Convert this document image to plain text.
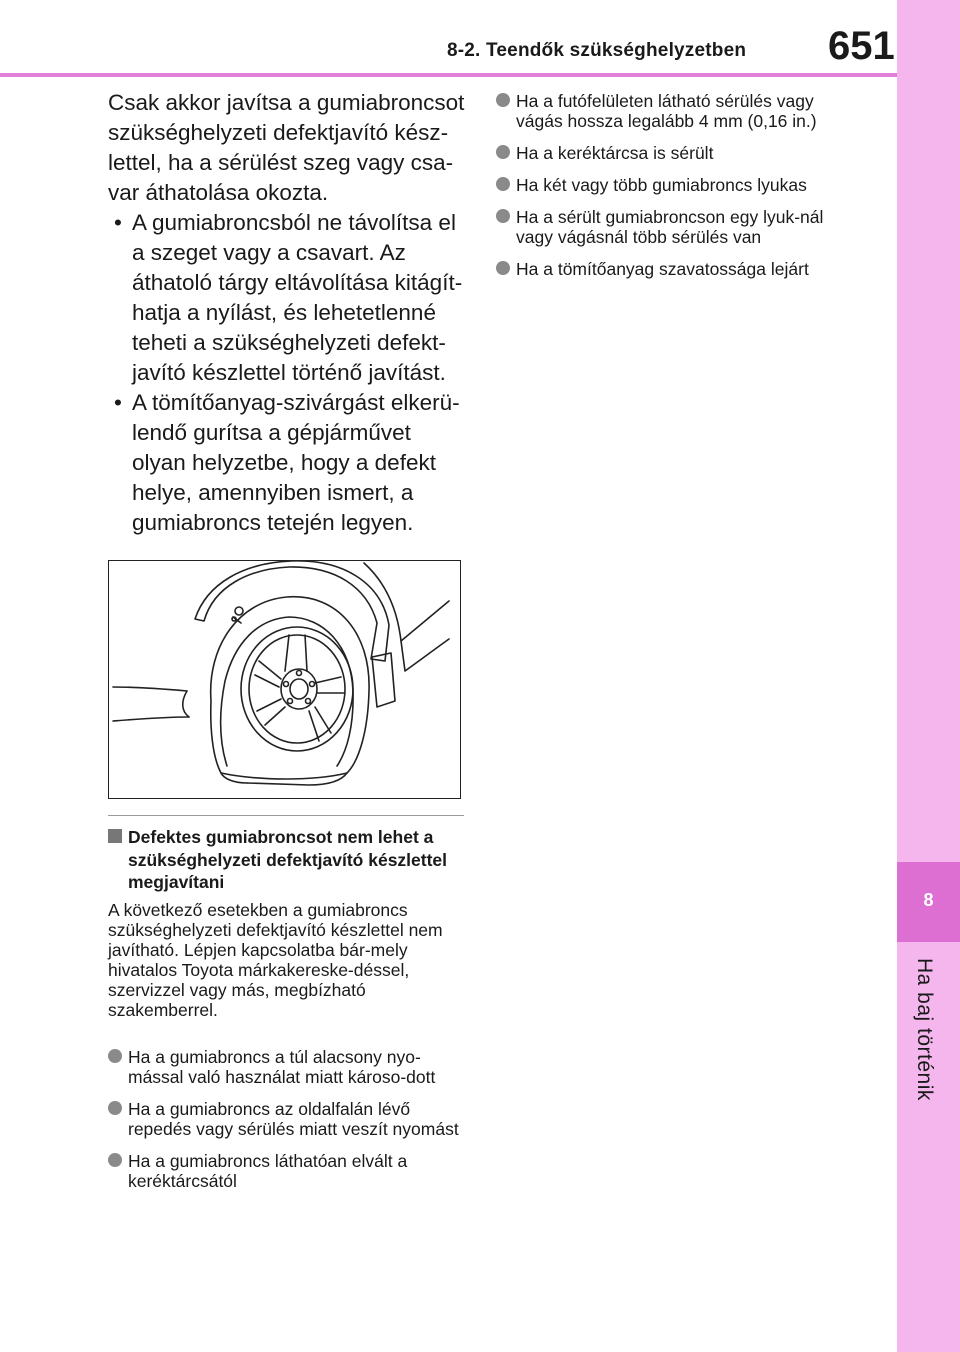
8-2. Teendők szükséghelyzetben 651
8
Ha baj történik

Csak akkor javítsa a gumiabroncsot szükséghelyzeti defektjavító kész-lettel, ha a sérülést szeg vagy csa-var áthatolása okozta.

• A gumiabroncsból ne távolítsa el a szeget vagy a csavart. Az áthatoló tárgy eltávolítása kitágít-hatja a nyílást, és lehetetlenné teheti a szükséghelyzeti defekt-javító készlettel történő javítást.
• A tömítőanyag-szivárgást elkerü-lendő gurítsa a gépjárművet olyan helyzetbe, hogy a defekt helye, amennyiben ismert, a gumiabroncs tetején legyen.
Defektes gumiabroncsot nem lehet a szükséghelyzeti defektjavító készlettel megjavítani
A következő esetekben a gumiabroncs szükséghelyzeti defektjavító készlettel nem javítható. Lépjen kapcsolatba bár-mely hivatalos Toyota márkakereske-déssel, szervizzel vagy más, megbízható szakemberrel.
Ha a gumiabroncs a túl alacsony nyo-mással való használat miatt károso-dott
Ha a gumiabroncs az oldalfalán lévő repedés vagy sérülés miatt veszít nyomást
Ha a gumiabroncs láthatóan elvált a keréktárcsától
Ha a futófelületen látható sérülés vagy vágás hossza legalább 4 mm (0,16 in.)
Ha a keréktárcsa is sérült
Ha két vagy több gumiabroncs lyukas
Ha a sérült gumiabroncson egy lyuk-nál vagy vágásnál több sérülés van
Ha a tömítőanyag szavatossága lejárt
